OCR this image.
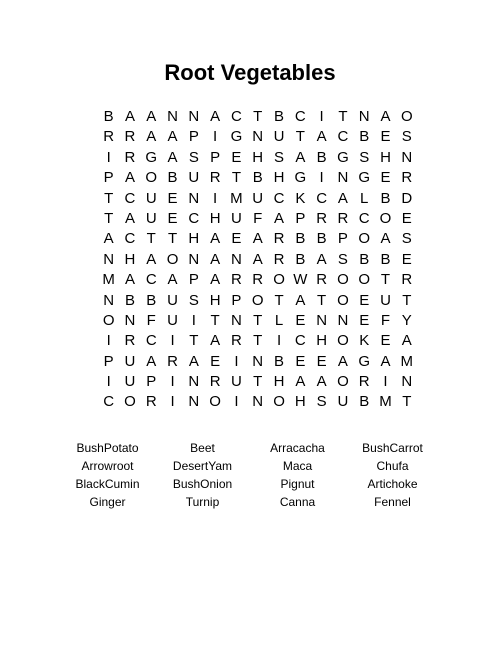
Root Vegetables
B A A N N A C T B C I T N A O
R R A A P I G N U T A C B E S
I R G A S P E H S A B G S H N
P A O B U R T B H G I N G E R
T C U E N I M U C K C A L B D
T A U E C H U F A P R R C O E
A C T T H A E A R B B P O A S
N H A O N A N A R B A S B B E
M A C A P A R R O W R O O T R
N B B U S H P O T A T O E U T
O N F U I T N T L E N N E F Y
I R C I T A R T I C H O K E A
P U A R A E I N B E E A G A M
I U P I N R U T H A A O R I N
C O R I N O I N O H S U B M T
BushPotato	Beet	Arracacha	BushCarrot
Arrowroot	DesertYam	Maca	Chufa
BlackCumin	BushOnion	Pignut	Artichoke
Ginger	Turnip	Canna	Fennel
